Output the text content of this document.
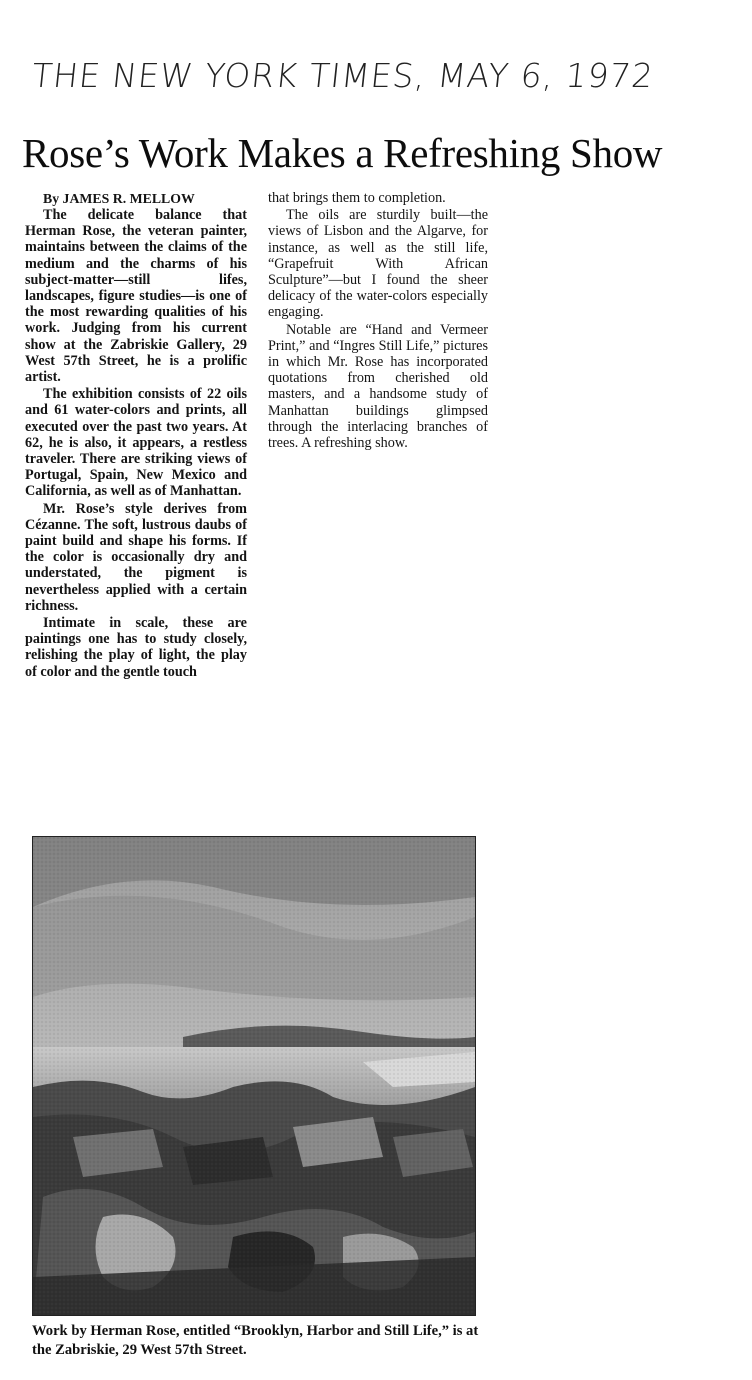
THE NEW YORK TIMES, MAY 6, 1972
Rose’s Work Makes a Refreshing Show
By JAMES R. MELLOW

The delicate balance that Herman Rose, the veteran painter, maintains between the claims of the medium and the charms of his subject-matter—still lifes, landscapes, figure studies—is one of the most rewarding qualities of his work. Judging from his current show at the Zabriskie Gallery, 29 West 57th Street, he is a prolific artist.

The exhibition consists of 22 oils and 61 water-colors and prints, all executed over the past two years. At 62, he is also, it appears, a restless traveler. There are striking views of Portugal, Spain, New Mexico and California, as well as of Manhattan.

Mr. Rose’s style derives from Cézanne. The soft, lustrous daubs of paint build and shape his forms. If the color is occasionally dry and understated, the pigment is nevertheless applied with a certain richness.

Intimate in scale, these are paintings one has to study closely, relishing the play of light, the play of color and the gentle touch

that brings them to completion.

The oils are sturdily built—the views of Lisbon and the Algarve, for instance, as well as the still life, “Grapefruit With African Sculpture”—but I found the sheer delicacy of the water-colors especially engaging.

Notable are “Hand and Vermeer Print,” and “Ingres Still Life,” pictures in which Mr. Rose has incorporated quotations from cherished old masters, and a handsome study of Manhattan buildings glimpsed through the interlacing branches of trees. A refreshing show.

Work by Herman Rose, entitled “Brooklyn, Harbor and Still Life,” is at the Zabriskie, 29 West 57th Street.
